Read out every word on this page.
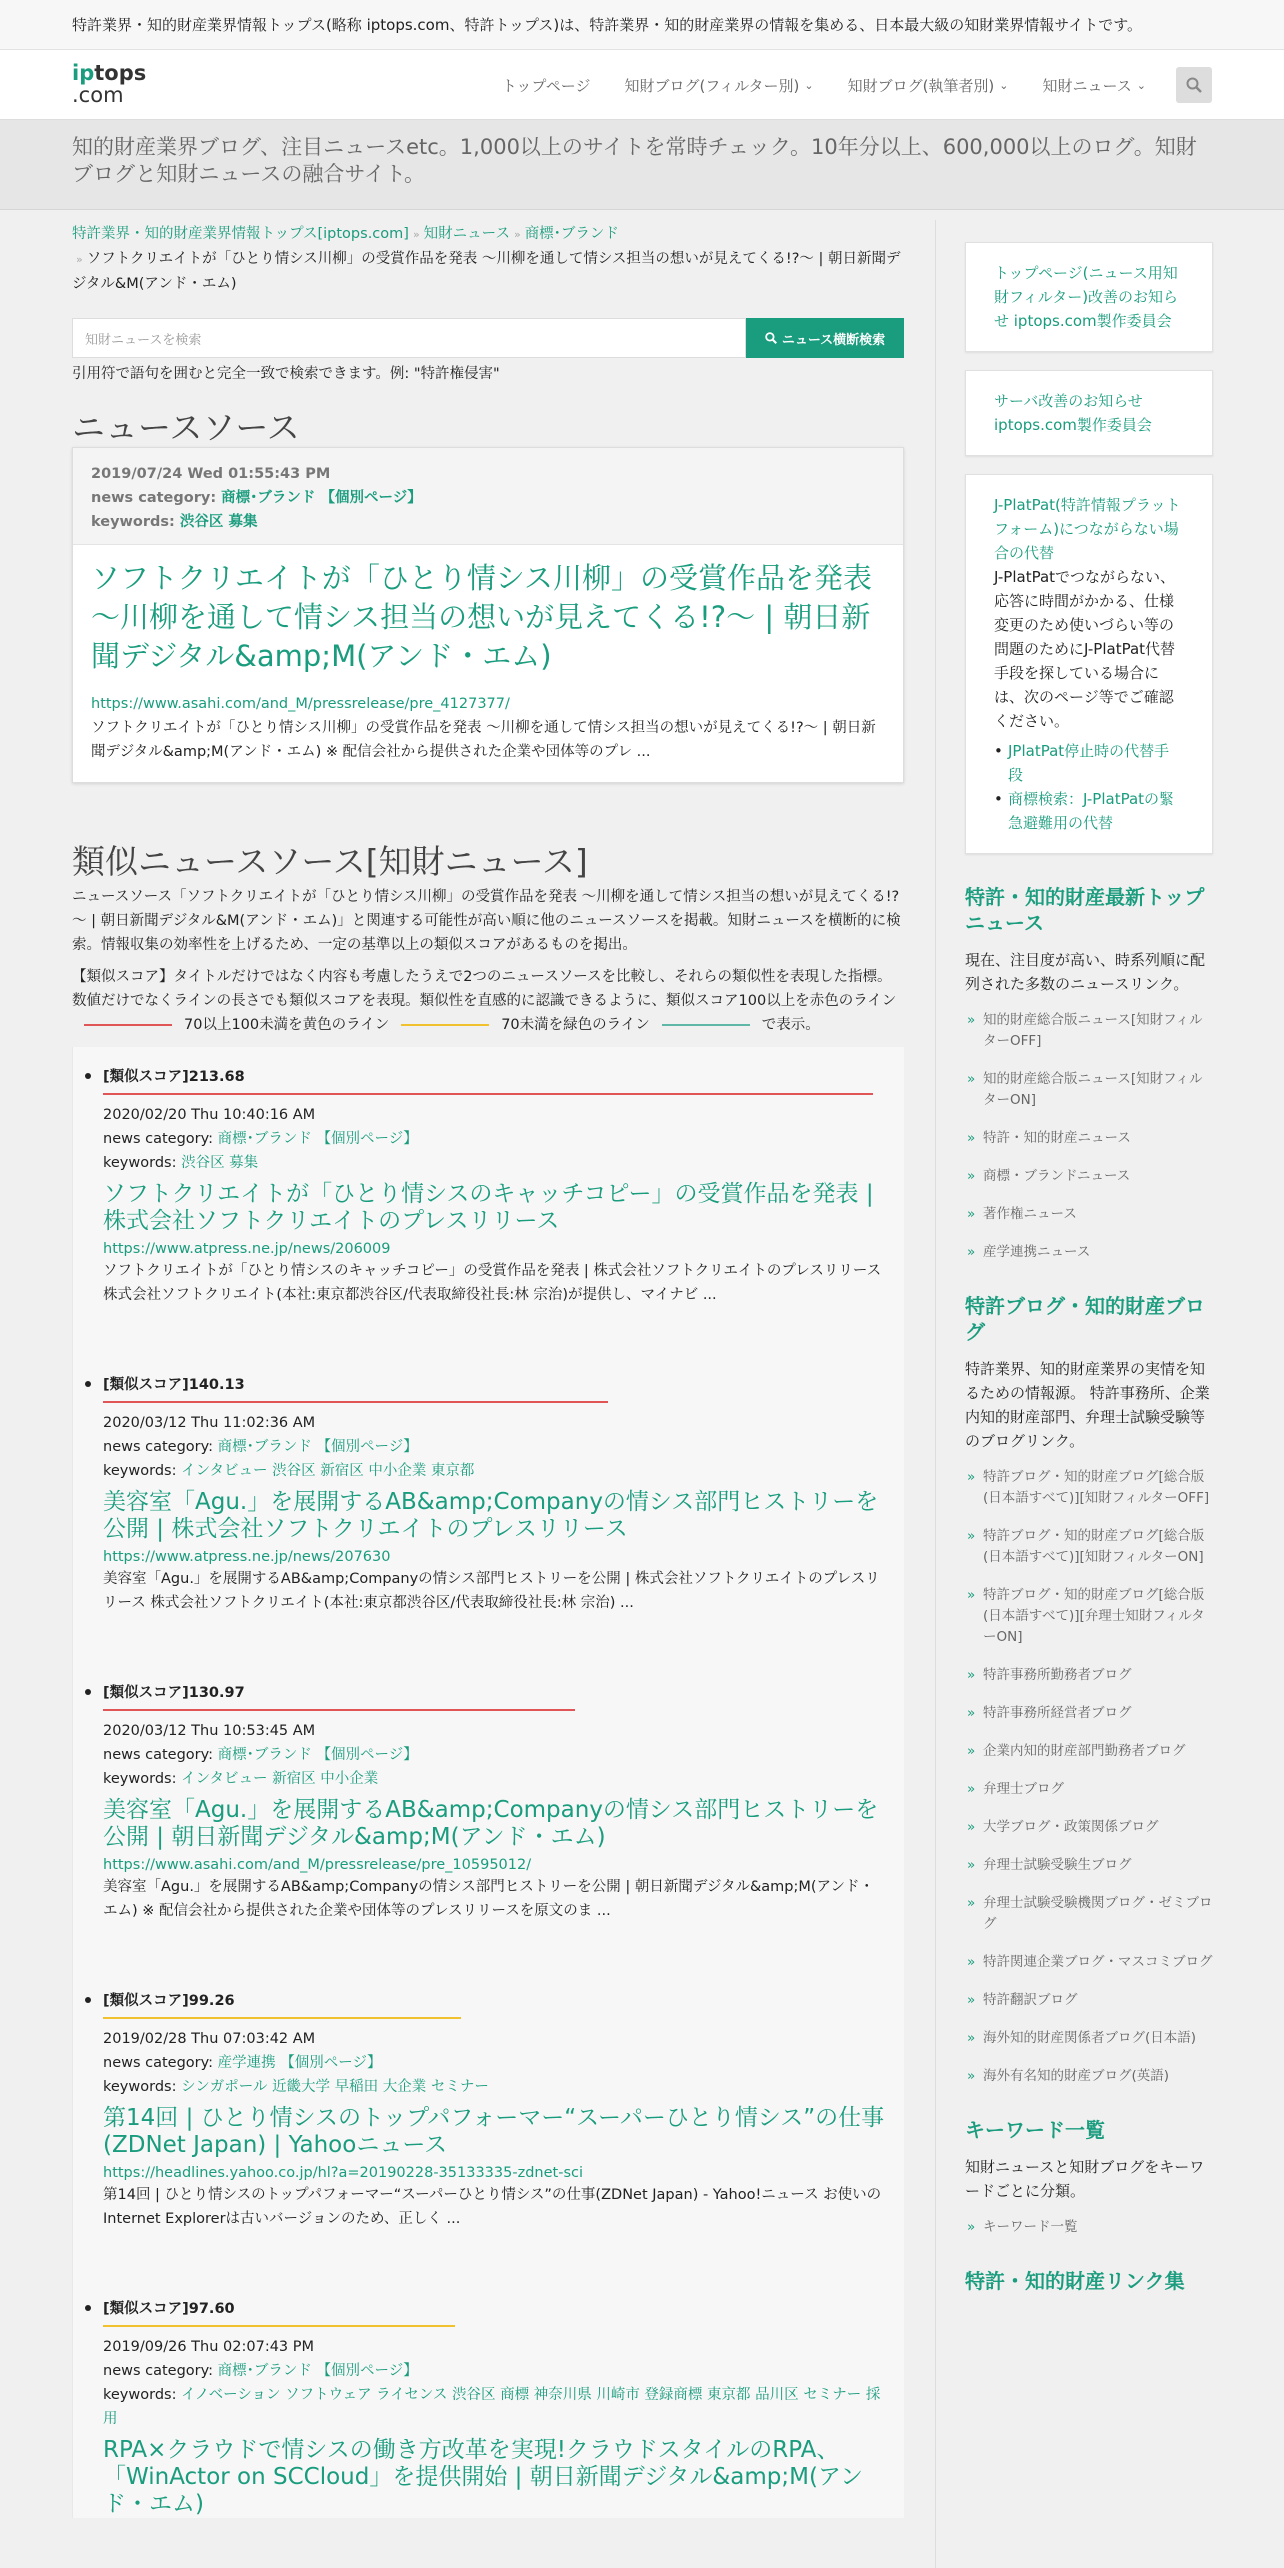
特許業界・知的財産業界情報トップス(略称 iptops.com、特許トップス)は、特許業界・知的財産業界の情報を集める、日本最大級の知財業界情報サイトです。
iptops
.com	トップページ 知財ブログ(フィルター別) ⌄ 知財ブログ(執筆者別) ⌄ 知財ニュース ⌄
知的財産業界ブログ、注目ニュースetc。1,000以上のサイトを常時チェック。10年分以上、600,000以上のログ。知財ブログと知財ニュースの融合サイト。
特許業界・知的財産業界情報トップス[iptops.com] » 知財ニュース » 商標･ブランド
» ソフトクリエイトが「ひとり情シス川柳」の受賞作品を発表 ～川柳を通して情シス担当の想いが見えてくる!?～ | 朝日新聞デジタル&M(アンド・エム)
知財ニュースを検索	ニュース横断検索
引用符で語句を囲むと完全一致で検索できます。例: "特許権侵害"
ニュースソース
2019/07/24 Wed 01:55:43 PM
news category: 商標･ブランド 【個別ページ】
keywords: 渋谷区 募集
ソフトクリエイトが「ひとり情シス川柳」の受賞作品を発表 ～川柳を通して情シス担当の想いが見えてくる!?～ | 朝日新聞デジタル&amp;M(アンド・エム)
https://www.asahi.com/and_M/pressrelease/pre_4127377/
ソフトクリエイトが「ひとり情シス川柳」の受賞作品を発表 ～川柳を通して情シス担当の想いが見えてくる!?～ | 朝日新聞デジタル&amp;M(アンド・エム) ※ 配信会社から提供された企業や団体等のプレ ...
類似ニュースソース[知財ニュース]
ニュースソース「ソフトクリエイトが「ひとり情シス川柳」の受賞作品を発表 ～川柳を通して情シス担当の想いが見えてくる!?～ | 朝日新聞デジタル&M(アンド・エム)」と関連する可能性が高い順に他のニュースソースを掲載。知財ニュースを横断的に検索。情報収集の効率性を上げるため、一定の基準以上の類似スコアがあるものを掲出。
【類似スコア】タイトルだけではなく内容も考慮したうえで2つのニュースソースを比較し、それらの類似性を表現した指標。数値だけでなくラインの長さでも類似スコアを表現。類似性を直感的に認識できるように、類似スコア100以上を赤色のライン70以上100未満を黄色のライン	70未満を緑色のライン	で表示。
[類似スコア]213.68
2020/02/20 Thu 10:40:16 AM
news category: 商標･ブランド 【個別ページ】
keywords: 渋谷区 募集
ソフトクリエイトが「ひとり情シスのキャッチコピー」の受賞作品を発表 | 株式会社ソフトクリエイトのプレスリリース
https://www.atpress.ne.jp/news/206009
ソフトクリエイトが「ひとり情シスのキャッチコピー」の受賞作品を発表 | 株式会社ソフトクリエイトのプレスリリース 株式会社ソフトクリエイト(本社:東京都渋谷区/代表取締役社長:林 宗治)が提供し、マイナビ ...
[類似スコア]140.13
2020/03/12 Thu 11:02:36 AM
news category: 商標･ブランド 【個別ページ】
keywords: インタビュー 渋谷区 新宿区 中小企業 東京都
美容室「Agu.」を展開するAB&amp;Companyの情シス部門ヒストリーを公開 | 株式会社ソフトクリエイトのプレスリリース
https://www.atpress.ne.jp/news/207630
美容室「Agu.」を展開するAB&amp;Companyの情シス部門ヒストリーを公開 | 株式会社ソフトクリエイトのプレスリリース 株式会社ソフトクリエイト(本社:東京都渋谷区/代表取締役社長:林 宗治) ...
[類似スコア]130.97
2020/03/12 Thu 10:53:45 AM
news category: 商標･ブランド 【個別ページ】
keywords: インタビュー 新宿区 中小企業
美容室「Agu.」を展開するAB&amp;Companyの情シス部門ヒストリーを公開 | 朝日新聞デジタル&amp;M(アンド・エム)
https://www.asahi.com/and_M/pressrelease/pre_10595012/
美容室「Agu.」を展開するAB&amp;Companyの情シス部門ヒストリーを公開 | 朝日新聞デジタル&amp;M(アンド・エム) ※ 配信会社から提供された企業や団体等のプレスリリースを原文のま ...
[類似スコア]99.26
2019/02/28 Thu 07:03:42 AM
news category: 産学連携 【個別ページ】
keywords: シンガポール 近畿大学 早稲田 大企業 セミナー
第14回 | ひとり情シスのトップパフォーマー“スーパーひとり情シス”の仕事(ZDNet Japan) | Yahooニュース
https://headlines.yahoo.co.jp/hl?a=20190228-35133335-zdnet-sci
第14回 | ひとり情シスのトップパフォーマー“スーパーひとり情シス”の仕事(ZDNet Japan) - Yahoo!ニュース お使いのInternet Explorerは古いバージョンのため、正しく ...
[類似スコア]97.60
2019/09/26 Thu 02:07:43 PM
news category: 商標･ブランド 【個別ページ】
keywords: イノベーション ソフトウェア ライセンス 渋谷区 商標 神奈川県 川崎市 登録商標 東京都 品川区 セミナー 採用
RPA×クラウドで情シスの働き方改革を実現!クラウドスタイルのRPA、「WinActor on SCCloud」を提供開始 | 朝日新聞デジタル&amp;M(アンド・エム)
トップページ(ニュース用知財フィルター)改善のお知らせ iptops.com製作委員会
サーバ改善のお知らせ iptops.com製作委員会
J-PlatPat(特許情報プラットフォーム)につながらない場合の代替
J-PlatPatでつながらない、応答に時間がかかる、仕様変更のため使いづらい等の問題のためにJ-PlatPat代替手段を探している場合には、次のページ等でご確認ください。
• JPlatPat停止時の代替手段
• 商標検索：J-PlatPatの緊急避難用の代替
特許・知的財産最新トップニュース
現在、注目度が高い、時系列順に配列された多数のニュースリンク。
» 知的財産総合版ニュース[知財フィルターOFF]
» 知的財産総合版ニュース[知財フィルターON]
» 特許・知的財産ニュース
» 商標・ブランドニュース
» 著作権ニュース
» 産学連携ニュース
特許ブログ・知的財産ブログ
特許業界、知的財産業界の実情を知るための情報源。 特許事務所、企業内知的財産部門、弁理士試験受験等のブログリンク。
» 特許ブログ・知的財産ブログ[総合版(日本語すべて)][知財フィルターOFF]
» 特許ブログ・知的財産ブログ[総合版(日本語すべて)][知財フィルターON]
» 特許ブログ・知的財産ブログ[総合版(日本語すべて)][弁理士知財フィルターON]
» 特許事務所勤務者ブログ
» 特許事務所経営者ブログ
» 企業内知的財産部門勤務者ブログ
» 弁理士ブログ
» 大学ブログ・政策関係ブログ
» 弁理士試験受験生ブログ
» 弁理士試験受験機関ブログ・ゼミブログ
» 特許関連企業ブログ・マスコミブログ
» 特許翻訳ブログ
» 海外知的財産関係者ブログ(日本語)
» 海外有名知的財産ブログ(英語)
キーワード一覧
知財ニュースと知財ブログをキーワードごとに分類。
» キーワード一覧
特許・知的財産リンク集
